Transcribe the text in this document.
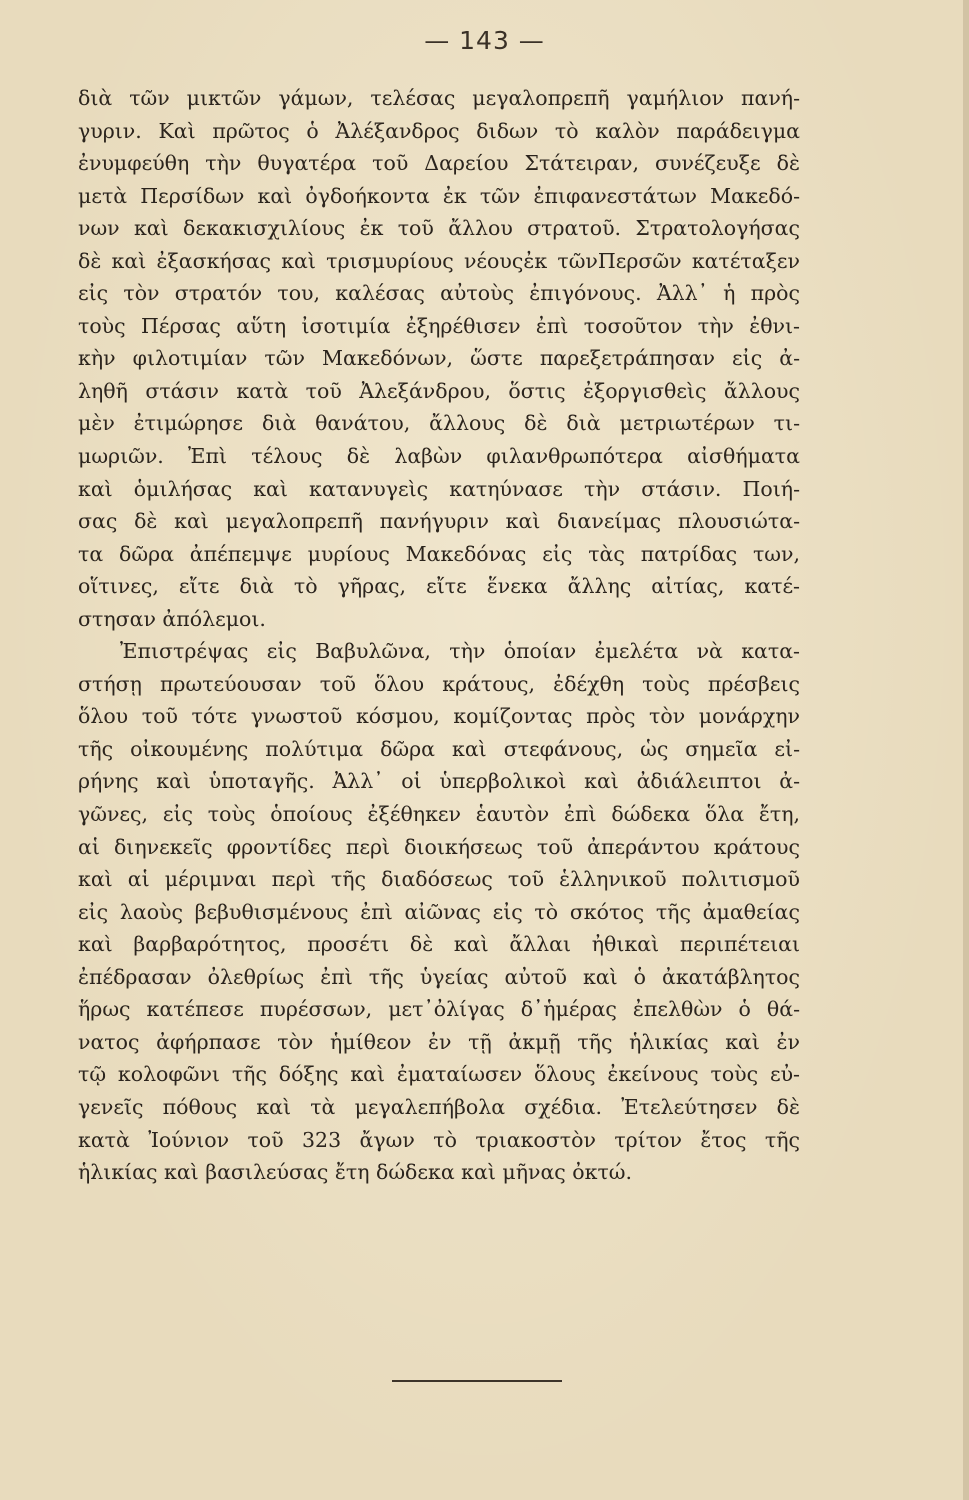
— 143 —
διὰ τῶν μικτῶν γάμων, τελέσας μεγαλοπρεπῆ γαμήλιον πανή-
γυριν. Καὶ πρῶτος ὁ Ἀλέξανδρος διδων τὸ καλὸν παράδειγμα
ἐνυμφεύθη τὴν θυγατέρα τοῦ Δαρείου Στάτειραν, συνέζευξε δὲ
μετὰ Περσίδων καὶ ὀγδοήκοντα ἐκ τῶν ἐπιφανεστάτων Μακεδό-
νων καὶ δεκακισχιλίους ἐκ τοῦ ἄλλου στρατοῦ. Στρατολογήσας
δὲ καὶ ἐξασκήσας καὶ τρισμυρίους νέουςἐκ τῶνΠερσῶν κατέταξεν
εἰς τὸν στρατόν του, καλέσας αὐτοὺς ἐπιγόνους. Ἀλλ᾽ ἡ πρὸς
τοὺς Πέρσας αὕτη ἰσοτιμία ἐξηρέθισεν ἐπὶ τοσοῦτον τὴν ἐθνι-
κὴν φιλοτιμίαν τῶν Μακεδόνων, ὥστε παρεξετράπησαν εἰς ἀ-
ληθῆ στάσιν κατὰ τοῦ Ἀλεξάνδρου, ὅστις ἐξοργισθεὶς ἄλλους
μὲν ἐτιμώρησε διὰ θανάτου, ἄλλους δὲ διὰ μετριωτέρων τι-
μωριῶν. Ἐπὶ τέλους δὲ λαβὼν φιλανθρωπότερα αἰσθήματα
καὶ ὁμιλήσας καὶ κατανυγεὶς κατηύνασε τὴν στάσιν. Ποιή-
σας δὲ καὶ μεγαλοπρεπῆ πανήγυριν καὶ διανείμας πλουσιώτα-
τα δῶρα ἀπέπεμψε μυρίους Μακεδόνας εἰς τὰς πατρίδας των,
οἵτινες, εἴτε διὰ τὸ γῆρας, εἴτε ἕνεκα ἄλλης αἰτίας, κατέ-
στησαν ἀπόλεμοι.
Ἐπιστρέψας εἰς Βαβυλῶνα, τὴν ὁποίαν ἐμελέτα νὰ κατα-
στήσῃ πρωτεύουσαν τοῦ ὅλου κράτους, ἐδέχθη τοὺς πρέσβεις
ὅλου τοῦ τότε γνωστοῦ κόσμου, κομίζοντας πρὸς τὸν μονάρχην
τῆς οἰκουμένης πολύτιμα δῶρα καὶ στεφάνους, ὡς σημεῖα εἰ-
ρήνης καὶ ὑποταγῆς. Ἀλλ᾽ οἱ ὑπερβολικοὶ καὶ ἀδιάλειπτοι ἀ-
γῶνες, εἰς τοὺς ὁποίους ἐξέθηκεν ἑαυτὸν ἐπὶ δώδεκα ὅλα ἔτη,
αἱ διηνεκεῖς φροντίδες περὶ διοικήσεως τοῦ ἀπεράντου κράτους
καὶ αἱ μέριμναι περὶ τῆς διαδόσεως τοῦ ἑλληνικοῦ πολιτισμοῦ
εἰς λαοὺς βεβυθισμένους ἐπὶ αἰῶνας εἰς τὸ σκότος τῆς ἀμαθείας
καὶ βαρβαρότητος, προσέτι δὲ καὶ ἄλλαι ἠθικαὶ περιπέτειαι
ἐπέδρασαν ὀλεθρίως ἐπὶ τῆς ὑγείας αὐτοῦ καὶ ὁ ἀκατάβλητος
ἥρως κατέπεσε πυρέσσων, μετ᾽ὀλίγας δ᾽ἡμέρας ἐπελθὼν ὁ θά-
νατος ἀφήρπασε τὸν ἡμίθεον ἐν τῇ ἀκμῇ τῆς ἡλικίας καὶ ἐν
τῷ κολοφῶνι τῆς δόξης καὶ ἐματαίωσεν ὅλους ἐκείνους τοὺς εὐ-
γενεῖς πόθους καὶ τὰ μεγαλεπήβολα σχέδια. Ἐτελεύτησεν δὲ
κατὰ Ἰούνιον τοῦ 323 ἄγων τὸ τριακοστὸν τρίτον ἔτος τῆς
ἡλικίας καὶ βασιλεύσας ἔτη δώδεκα καὶ μῆνας ὀκτώ.
